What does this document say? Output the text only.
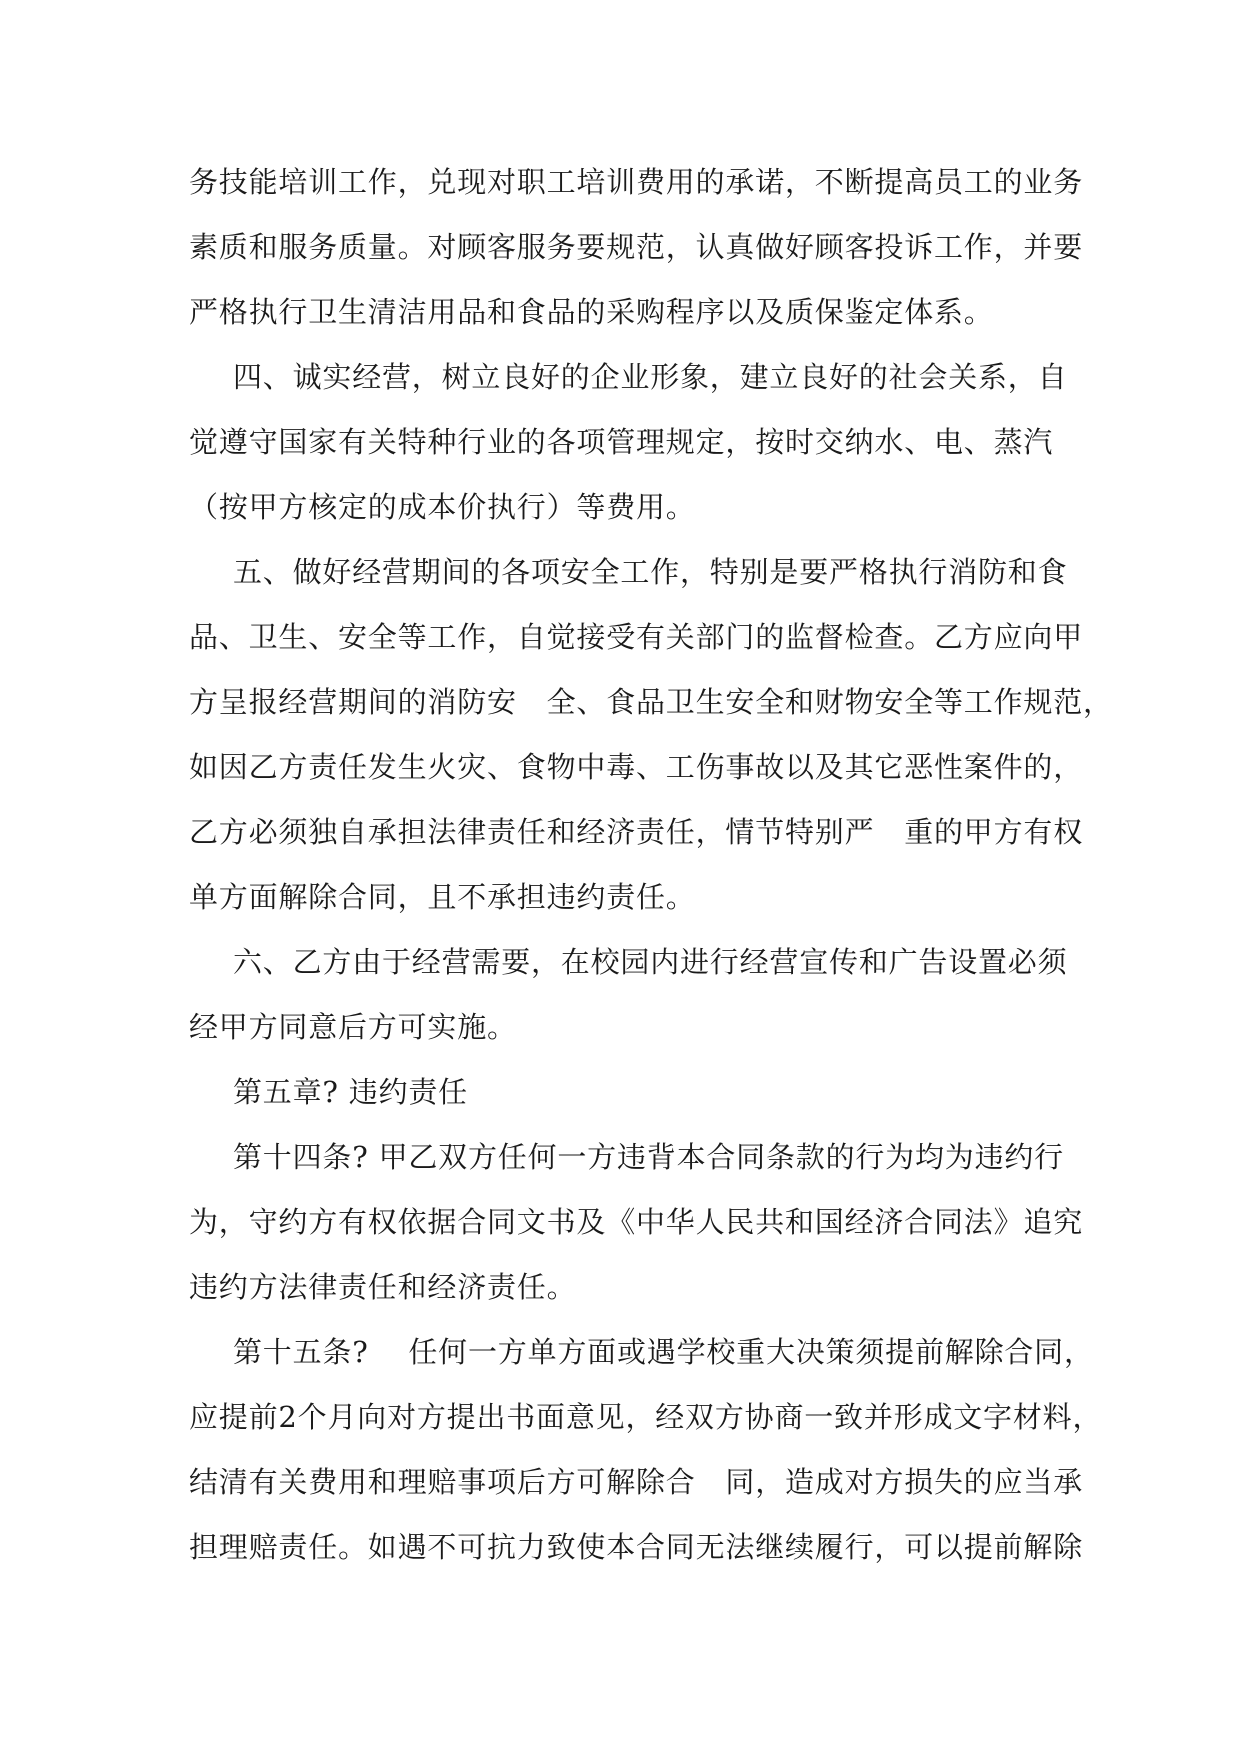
务技能培训工作，兑现对职工培训费用的承诺，不断提高员工的业务
素质和服务质量。对顾客服务要规范，认真做好顾客投诉工作，并要
严格执行卫生清洁用品和食品的采购程序以及质保鉴定体系。
四、诚实经营，树立良好的企业形象，建立良好的社会关系，自
觉遵守国家有关特种行业的各项管理规定，按时交纳水、电、蒸汽
（按甲方核定的成本价执行）等费用。
五、做好经营期间的各项安全工作，特别是要严格执行消防和食
品、卫生、安全等工作，自觉接受有关部门的监督检查。乙方应向甲
方呈报经营期间的消防安　全、食品卫生安全和财物安全等工作规范，
如因乙方责任发生火灾、食物中毒、工伤事故以及其它恶性案件的，
乙方必须独自承担法律责任和经济责任，情节特别严　重的甲方有权
单方面解除合同，且不承担违约责任。
六、乙方由于经营需要，在校园内进行经营宣传和广告设置必须
经甲方同意后方可实施。
第五章? 违约责任
第十四条? 甲乙双方任何一方违背本合同条款的行为均为违约行
为，守约方有权依据合同文书及《中华人民共和国经济合同法》追究
违约方法律责任和经济责任。
第十五条?　 任何一方单方面或遇学校重大决策须提前解除合同，
应提前2个月向对方提出书面意见，经双方协商一致并形成文字材料，
结清有关费用和理赔事项后方可解除合　同，造成对方损失的应当承
担理赔责任。如遇不可抗力致使本合同无法继续履行，可以提前解除
